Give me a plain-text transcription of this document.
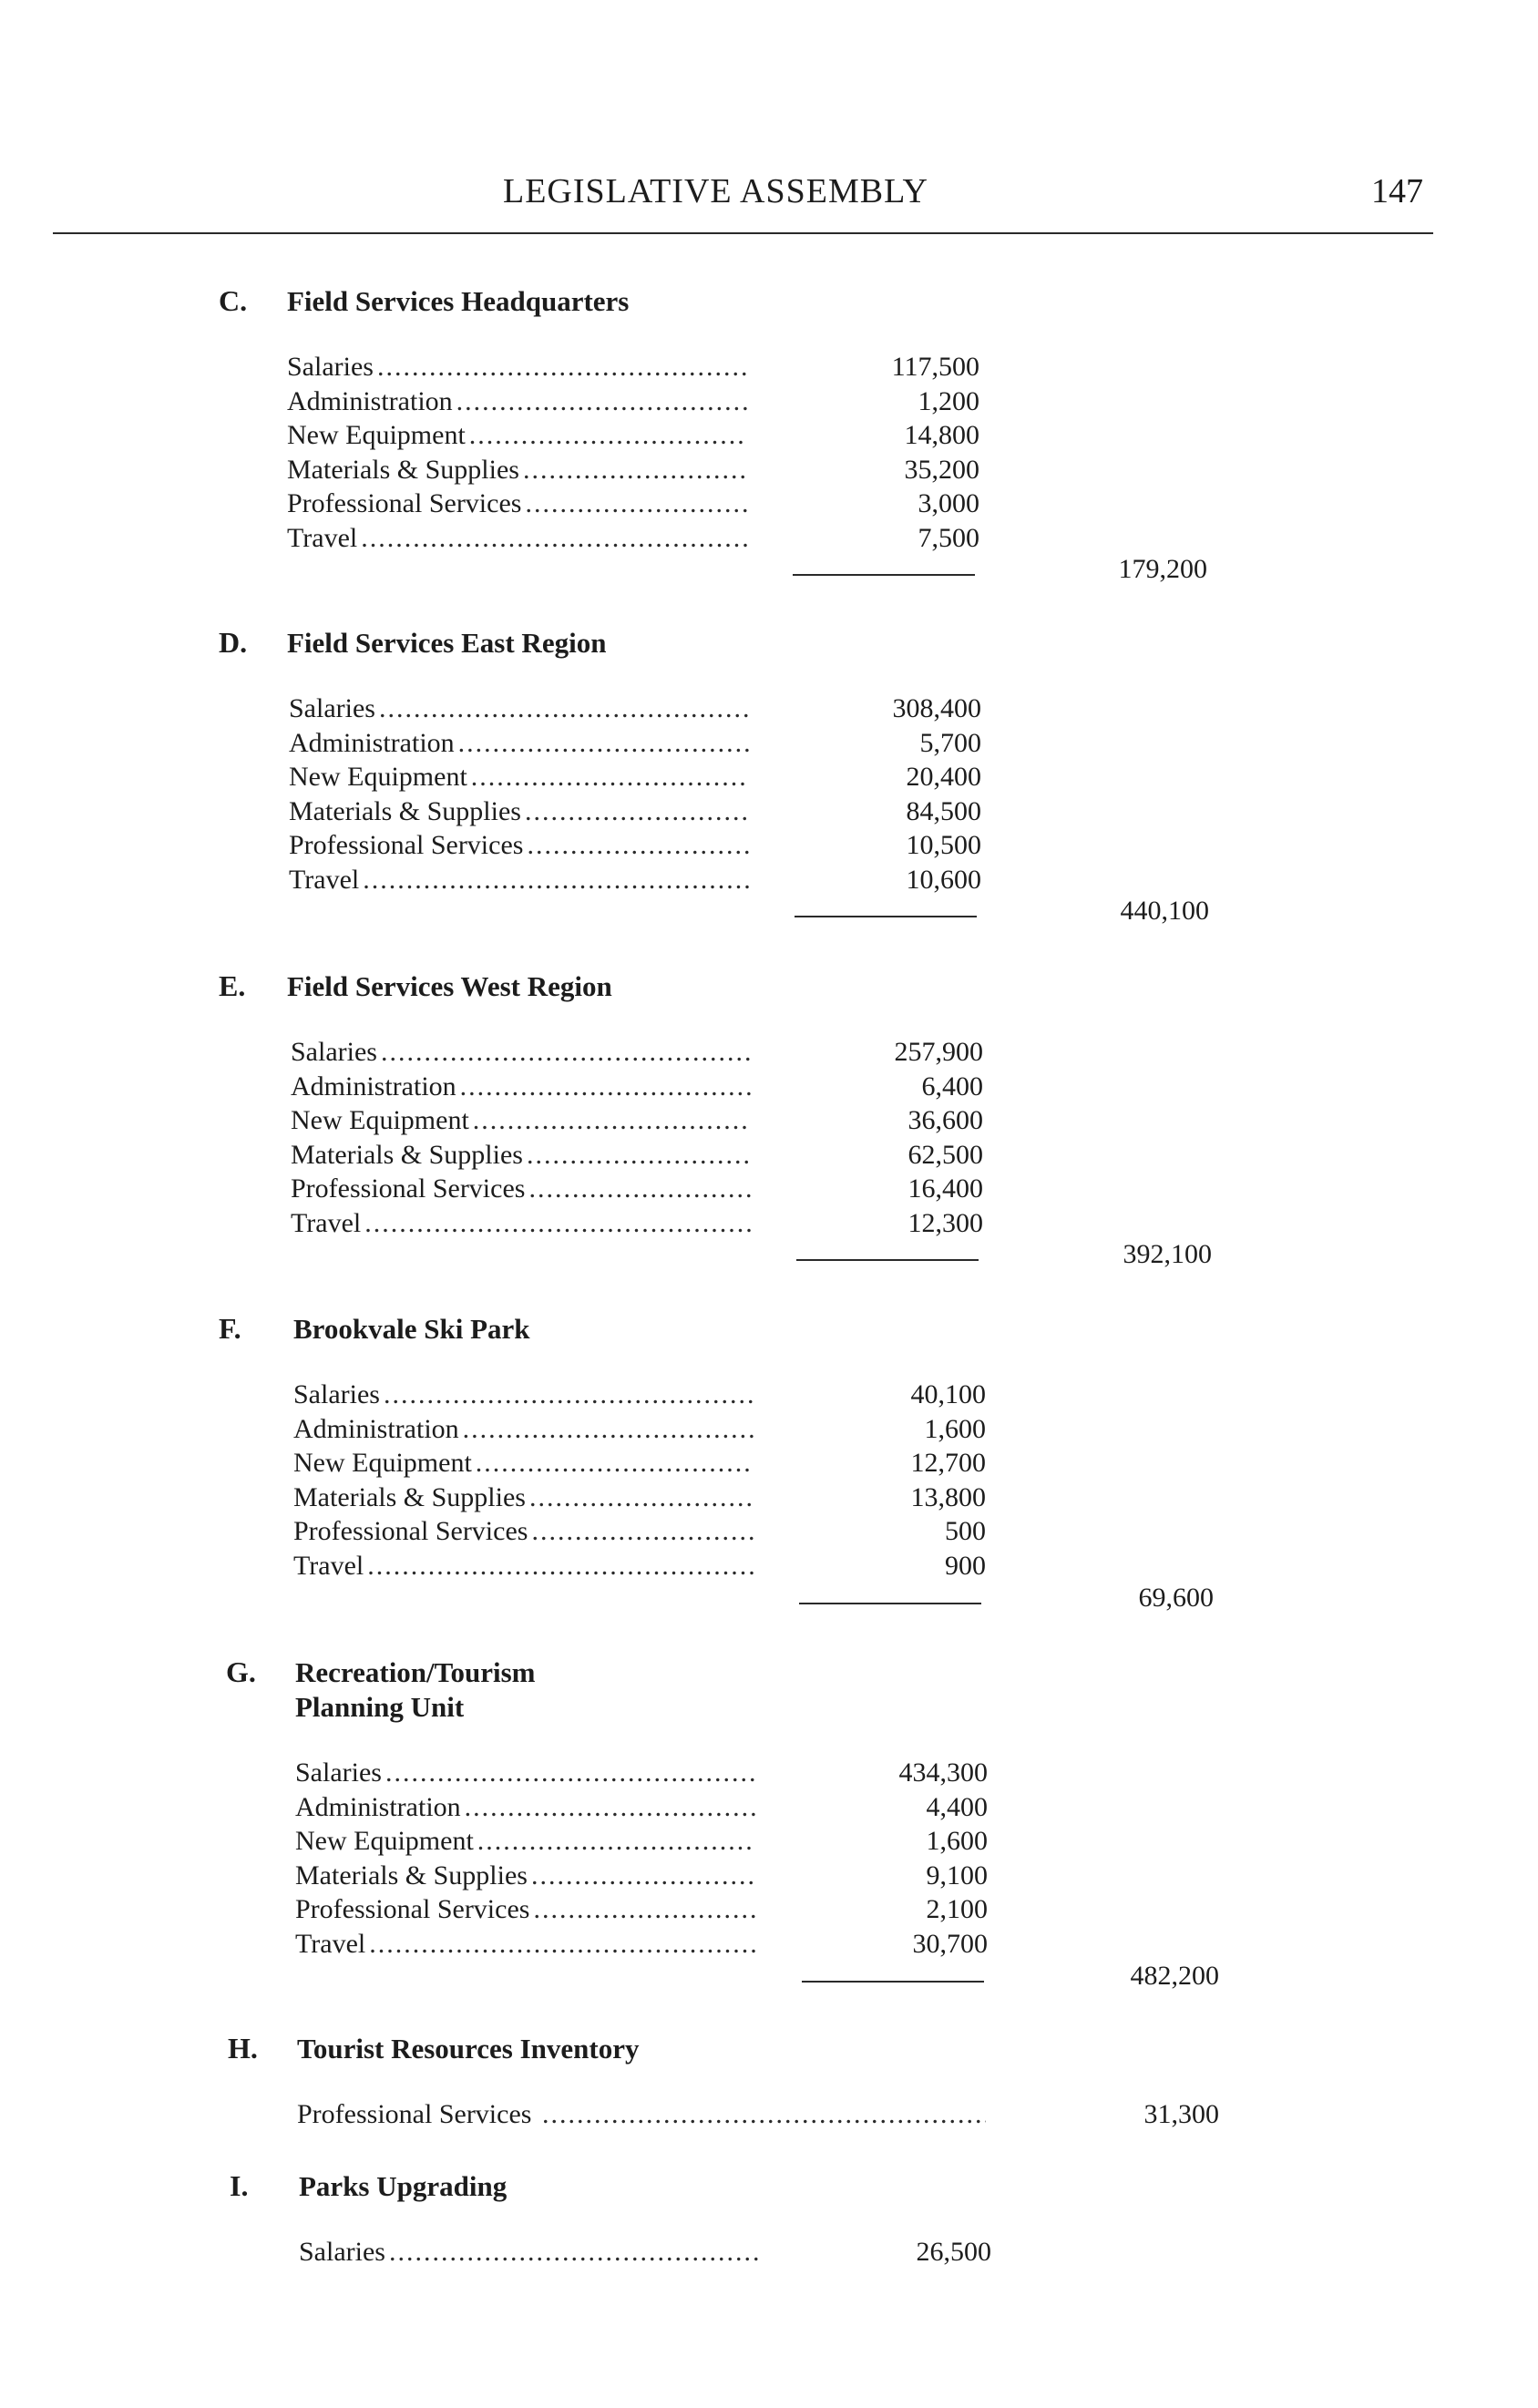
LEGISLATIVE ASSEMBLY	147
C. Field Services Headquarters
Salaries .....	117,500
Administration .....	1,200
New Equipment .....	14,800
Materials & Supplies .....	35,200
Professional Services .....	3,000
Travel .....	7,500
179,200
D. Field Services East Region
Salaries .....	308,400
Administration .....	5,700
New Equipment .....	20,400
Materials & Supplies .....	84,500
Professional Services .....	10,500
Travel .....	10,600
440,100
E. Field Services West Region
Salaries .....	257,900
Administration .....	6,400
New Equipment .....	36,600
Materials & Supplies .....	62,500
Professional Services .....	16,400
Travel .....	12,300
392,100
F. Brookvale Ski Park
Salaries .....	40,100
Administration .....	1,600
New Equipment .....	12,700
Materials & Supplies .....	13,800
Professional Services .....	500
Travel .....	900
69,600
G. Recreation/Tourism
Planning Unit
Salaries .....	434,300
Administration .....	4,400
New Equipment .....	1,600
Materials & Supplies .....	9,100
Professional Services .....	2,100
Travel .....	30,700
482,200
H. Tourist Resources Inventory
Professional Services .....	31,300
I. Parks Upgrading
Salaries .....	26,500
